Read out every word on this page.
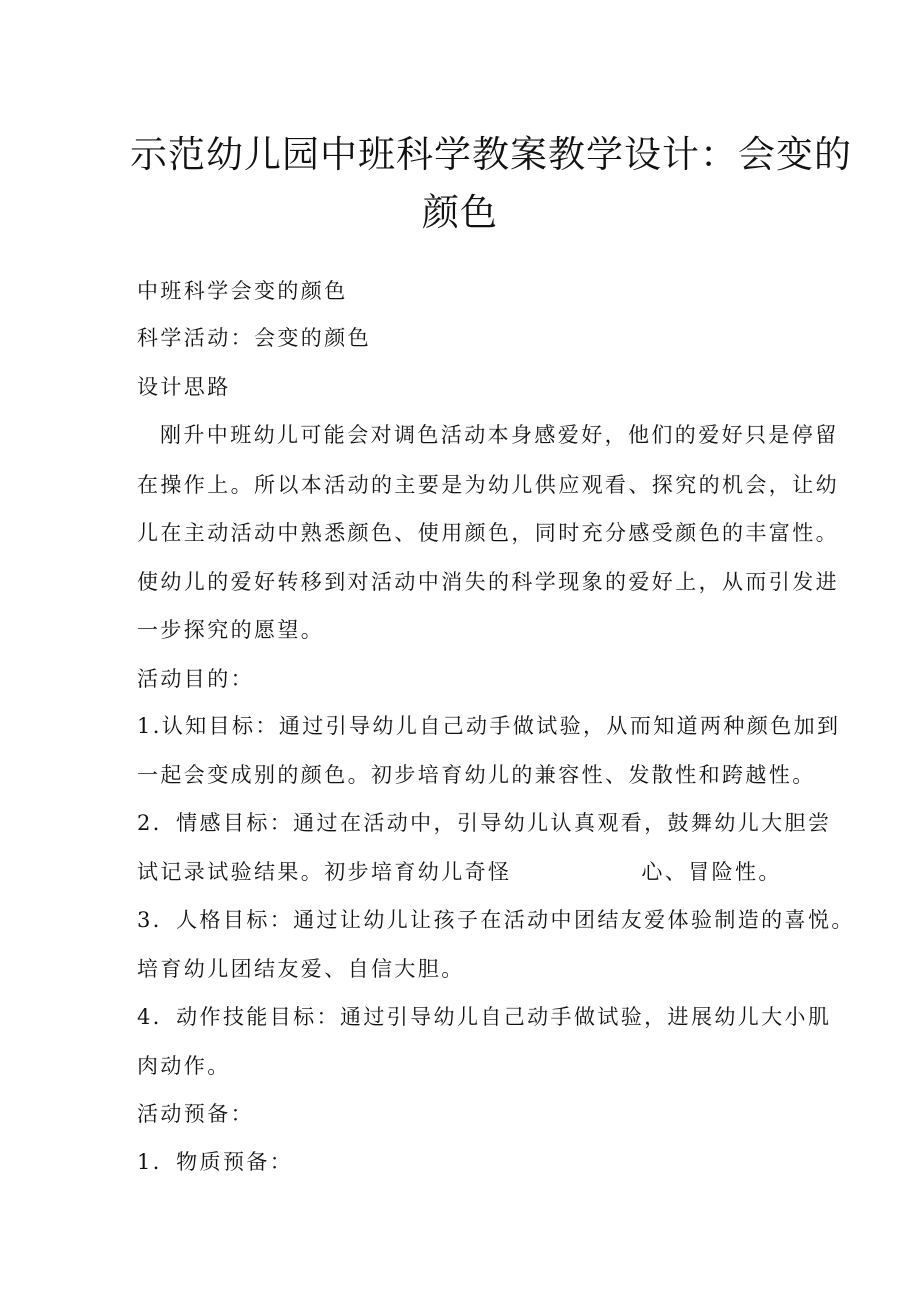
示范幼儿园中班科学教案教学设计：会变的
颜色
中班科学会变的颜色
科学活动：会变的颜色
设计思路
刚升中班幼儿可能会对调色活动本身感爱好，他们的爱好只是停留
在操作上。所以本活动的主要是为幼儿供应观看、探究的机会，让幼
儿在主动活动中熟悉颜色、使用颜色，同时充分感受颜色的丰富性。
使幼儿的爱好转移到对活动中消失的科学现象的爱好上，从而引发进
一步探究的愿望。
活动目的：
1.认知目标：通过引导幼儿自己动手做试验，从而知道两种颜色加到
一起会变成别的颜色。初步培育幼儿的兼容性、发散性和跨越性。
2．情感目标：通过在活动中，引导幼儿认真观看，鼓舞幼儿大胆尝
试记录试验结果。初步培育幼儿奇怪	心、冒险性。
3．人格目标：通过让幼儿让孩子在活动中团结友爱体验制造的喜悦。
培育幼儿团结友爱、自信大胆。
4．动作技能目标：通过引导幼儿自己动手做试验，进展幼儿大小肌
肉动作。
活动预备：
1．物质预备：
